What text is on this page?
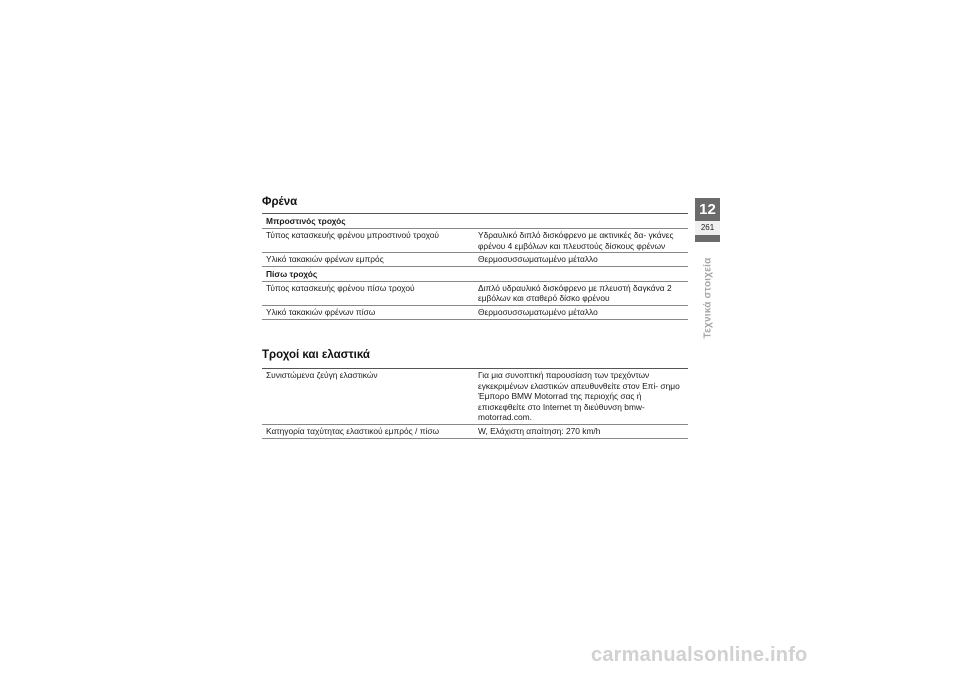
Φρένα
Μπροστινός τροχός
Τύπος κατασκευής φρένου μπροστινού τροχού	Υδραυλικό διπλό δισκόφρενο με ακτινικές δα- γκάνες φρένου 4 εμβόλων και πλευστούς δίσκους φρένων
Υλικό τακακιών φρένων εμπρός	Θερμοσυσσωματωμένο μέταλλο
Πίσω τροχός
Τύπος κατασκευής φρένου πίσω τροχού	Διπλό υδραυλικό δισκόφρενο με πλευστή δαγκάνα 2 εμβόλων και σταθερό δίσκο φρένου
Υλικό τακακιών φρένων πίσω	Θερμοσυσσωματωμένο μέταλλο
Τροχοί και ελαστικά
Συνιστώμενα ζεύγη ελαστικών	Για μια συνοπτική παρουσίαση των τρεχόντων εγκεκριμένων ελαστικών απευθυνθείτε στον Επί- σημο Έμπορο BMW Motorrad της περιοχής σας ή επισκεφθείτε στο Internet τη διεύθυνση bmw- motorrad.com.
Κατηγορία ταχύτητας ελαστικού εμπρός / πίσω	W, Ελάχιστη απαίτηση: 270 km/h
12
261
Τεχνικά στοιχεία
carmanualsonline.info
